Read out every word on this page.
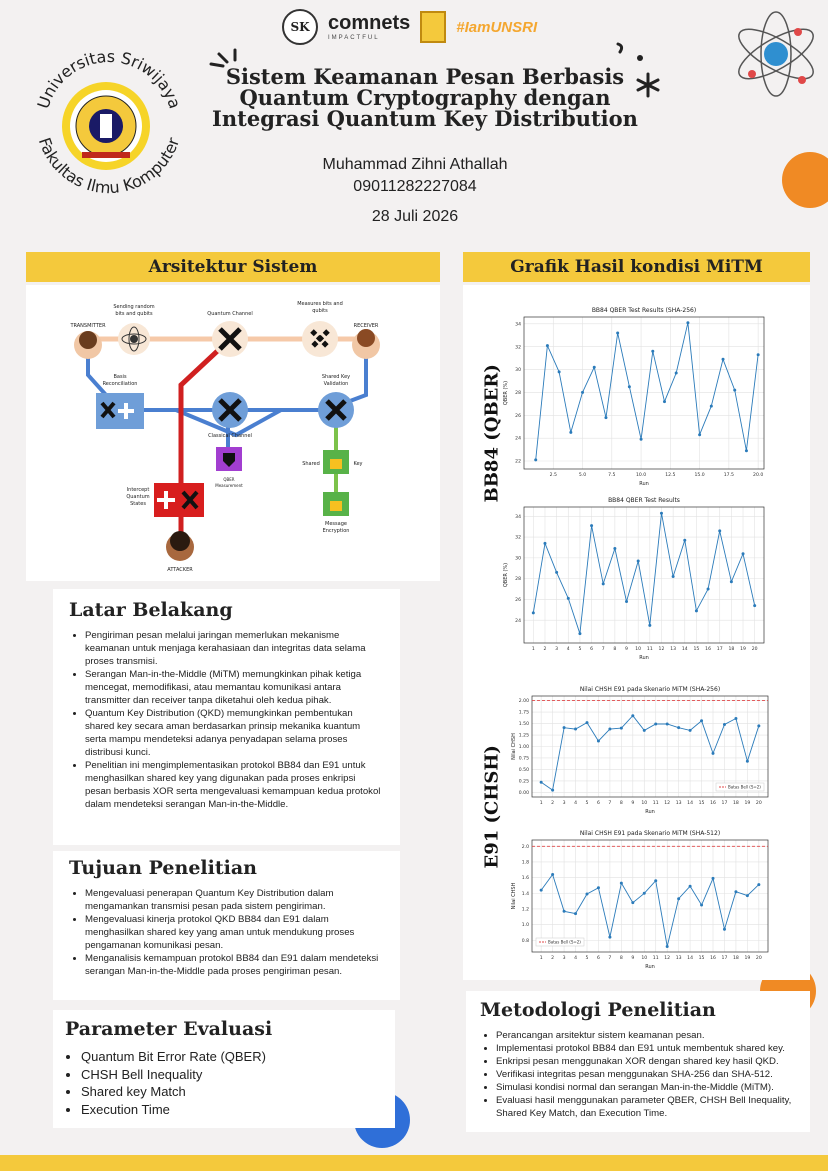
SK comnets
IMPACTFUL
#IamUNSRI
Universitas Sriwijaya
Fakultas Ilmu Komputer
Sistem Keamanan Pesan Berbasis
Quantum Cryptography dengan
Integrasi Quantum Key Distribution
Muhammad Zihni Athallah
09011282227084
28 Juli 2026
Arsitektur Sistem
TRANSMITTER
Sending random bits and qubits	Quantum Channel
Measures bits and qubits
RECEIVER
Basis Reconciliation
Classical Channel
Shared Key Validation
QBER Measurement
Shared	Key
Message Encryption
Intercept Quantum States
ATTACKER
Grafik Hasil kondisi MiTM
BB84 (QBER)
E91 (CHSH)
BB84 QBER Test Results (SHA-256)
2.5	5.0	7.5	10.0	12.5	15.0	17.5	20.0
22
24
26
28
30
32
34
Run
QBER (%)
BB84 QBER Test Results
1 2 3 4 5 6 7 8 9 10 11 12 13 14 15 16 17 18 19 20
24
26
28
30
32
34
Run
QBER (%)
Nilai CHSH E91 pada Skenario MiTM (SHA-256)
1 2 3 4 5 6 7 8 9 10 11 12 13 14 15 16 17 18 19 20
0.00
0.25
0.50
0.75
1.00
1.25
1.50
1.75
2.00
Batas Bell (S=2)
Run
Nilai CHSH
Nilai CHSH E91 pada Skenario MiTM (SHA-512)
1 2 3 4 5 6 7 8 9 10 11 12 13 14 15 16 17 18 19 20
0.8
1.0
1.2
1.4
1.6
1.8
2.0
Batas Bell (S=2)
Run
Nilai CHSH
Latar Belakang
• Pengiriman pesan melalui jaringan memerlukan mekanisme keamanan untuk menjaga kerahasiaan dan integritas data selama proses transmisi.
• Serangan Man-in-the-Middle (MiTM) memungkinkan pihak ketiga mencegat, memodifikasi, atau memantau komunikasi antara transmitter dan receiver tanpa diketahui oleh kedua pihak.
• Quantum Key Distribution (QKD) memungkinkan pembentukan shared key secara aman berdasarkan prinsip mekanika kuantum serta mampu mendeteksi adanya penyadapan selama proses distribusi kunci.
• Penelitian ini mengimplementasikan protokol BB84 dan E91 untuk menghasilkan shared key yang digunakan pada proses enkripsi pesan berbasis XOR serta mengevaluasi kemampuan kedua protokol dalam mendeteksi serangan Man-in-the-Middle.
Tujuan Penelitian
• Mengevaluasi penerapan Quantum Key Distribution dalam mengamankan transmisi pesan pada sistem pengiriman.
• Mengevaluasi kinerja protokol QKD BB84 dan E91 dalam menghasilkan shared key yang aman untuk mendukung proses pengamanan komunikasi pesan.
• Menganalisis kemampuan protokol BB84 dan E91 dalam mendeteksi serangan Man-in-the-Middle pada proses pengiriman pesan.
Parameter Evaluasi
• Quantum Bit Error Rate (QBER)
• CHSH Bell Inequality
• Shared key Match
• Execution Time
Metodologi Penelitian
• Perancangan arsitektur sistem keamanan pesan.
• Implementasi protokol BB84 dan E91 untuk membentuk shared key.
• Enkripsi pesan menggunakan XOR dengan shared key hasil QKD.
• Verifikasi integritas pesan menggunakan SHA-256 dan SHA-512.
• Simulasi kondisi normal dan serangan Man-in-the-Middle (MiTM).
• Evaluasi hasil menggunakan parameter QBER, CHSH Bell Inequality, Shared Key Match, dan Execution Time.
